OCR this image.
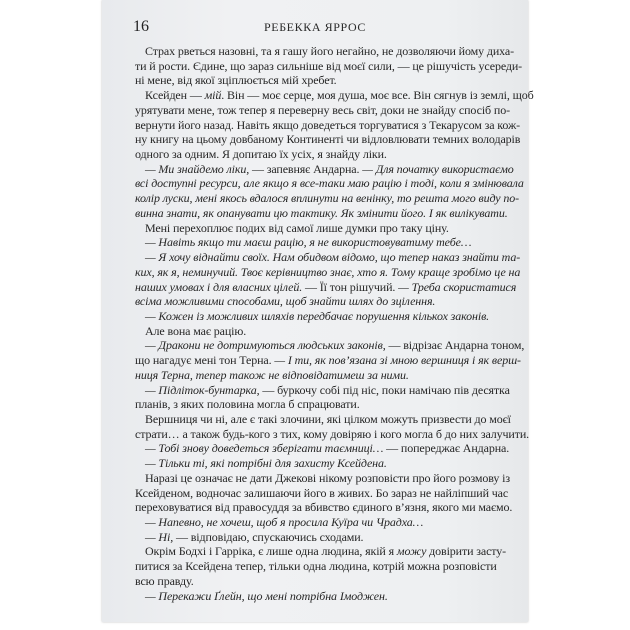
16	РЕБЕККА ЯРРОС
Страх рветься назовні, та я гашу його негайно, не дозволяючи йому диха-
ти й рости. Єдине, що зараз сильніше від моєї сили, — це рішучість усереди-
ні мене, від якої зціплюється мій хребет.
Ксейден — мій. Він — моє серце, моя душа, моє все. Він сягнув із землі, щоб
урятувати мене, тож тепер я переверну весь світ, доки не знайду спосіб по-
вернути його назад. Навіть якщо доведеться торгуватися з Текарусом за кож-
ну книгу на цьому довбаному Континенті чи відловлювати темних володарів
одного за одним. Я допитаю їх усіх, я знайду ліки.
— Ми знайдемо ліки, — запевняє Андарна. — Для початку використаємо
всі доступні ресурси, але якщо я все-таки маю рацію і тоді, коли я змінювала
колір луски, мені якось вдалося вплинути на венінку, то решта мого виду по-
винна знати, як опанувати цю тактику. Як змінити його. І як вилікувати.
Мені перехоплює подих від самої лише думки про таку ціну.
— Навіть якщо ти маєш рацію, я не використовуватиму тебе…
— Я хочу віднайти своїх. Нам обидвом відомо, що тепер наказ знайти та-
ких, як я, неминучий. Твоє керівництво знає, хто я. Тому краще зробімо це на
наших умовах і для власних цілей. — Її тон рішучий. — Треба скористатися
всіма можливими способами, щоб знайти шлях до зцілення.
— Кожен із можливих шляхів передбачає порушення кількох законів.
Але вона має рацію.
— Дракони не дотримуються людських законів, — відрізає Андарна тоном,
що нагадує мені тон Терна. — І ти, як пов’язана зі мною вершниця і як верш-
ниця Терна, тепер також не відповідатимеш за ними.
— Підліток-бунтарка, — буркочу собі під ніс, поки намічаю пів десятка
планів, з яких половина могла б спрацювати.
Вершниця чи ні, але є такі злочини, які цілком можуть призвести до моєї
страти… а також будь-кого з тих, кому довіряю і кого могла б до них залучити.
— Тобі знову доведеться зберігати таємниці… — попереджає Андарна.
— Тільки ті, які потрібні для захисту Ксейдена.
Наразі це означає не дати Джекові нікому розповісти про його розмову із
Ксейденом, водночас залишаючи його в живих. Бо зараз не найліпший час
переховуватися від правосуддя за вбивство єдиного в’язня, якого ми маємо.
— Напевно, не хочеш, щоб я просила Куїра чи Чрадха…
— Ні, — відповідаю, спускаючись сходами.
Окрім Бодхі і Гарріка, є лише одна людина, якій я можу довірити засту-
питися за Ксейдена тепер, тільки одна людина, котрій можна розповісти
всю правду.
— Перекажи Ґлейн, що мені потрібна Імоджен.
